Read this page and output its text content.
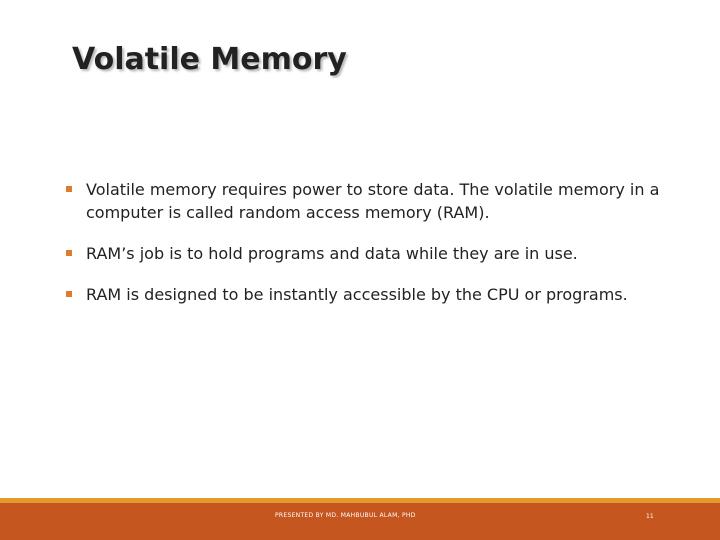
Volatile Memory
Volatile memory requires power to store data. The volatile memory in a computer is called random access memory (RAM).
RAM’s job is to hold programs and data while they are in use.
RAM is designed to be instantly accessible by the CPU or programs.
PRESENTED BY MD. MAHBUBUL ALAM, PHD	11
